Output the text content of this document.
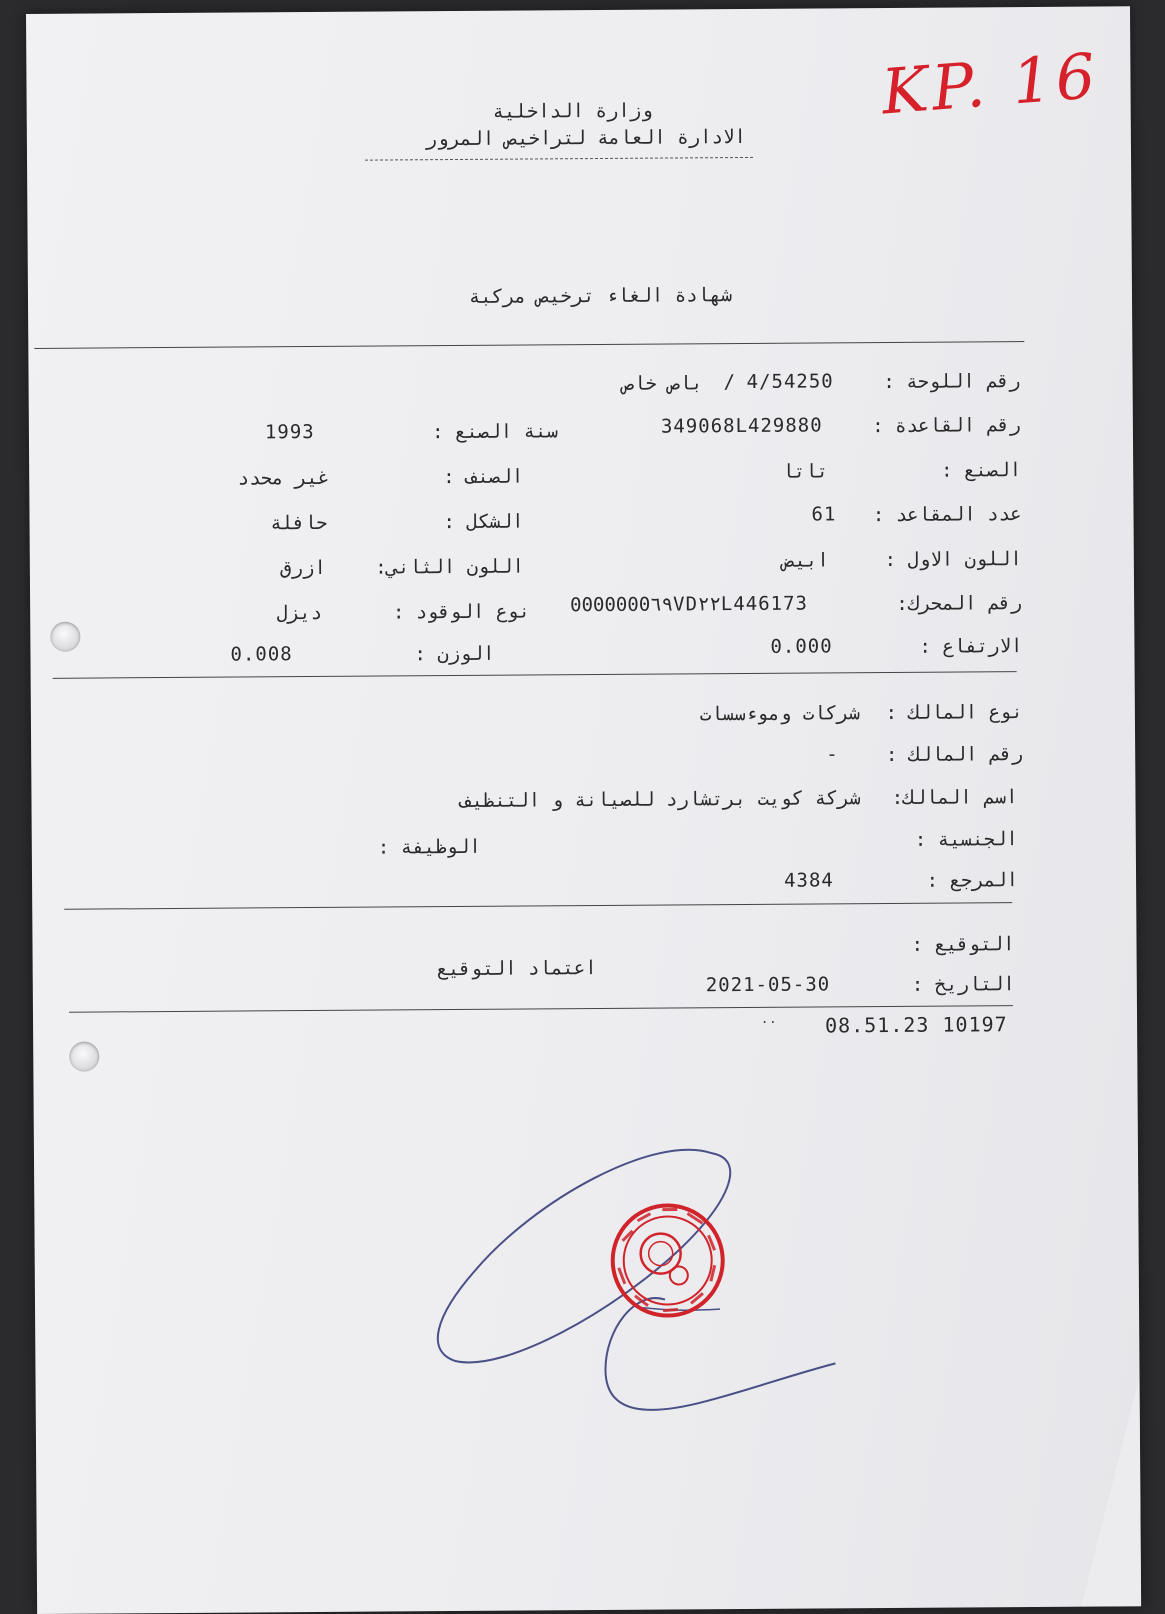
KP. 16
وزارة الداخلية
الادارة العامة لتراخيص المرور
شهادة الغاء ترخيص مركبة
رقم اللوحة :
4/54250
/
باص خاص
رقم القاعدة :
349068L429880
الصنع :
تاتا
عدد المقاعد :
61
اللون الاول :
ابيض
رقم المحرك:
0000000٦٩VD٢٢L446173
الارتفاع :
0.000
سنة الصنع :
1993
الصنف :
غير محدد
الشكل :
حافلة
اللون الثاني:
ازرق
نوع الوقود :
ديزل
الوزن :
0.008
نوع المالك :
شركات وموءسسات
رقم المالك :
-
اسم المالك:
شركة كويت برتشارد للصيانة و التنظيف
الجنسية :
الوظيفة :
المرجع :
4384
التوقيع :
التاريخ :
2021-05-30
اعتماد التوقيع
08.51.23 10197
..
